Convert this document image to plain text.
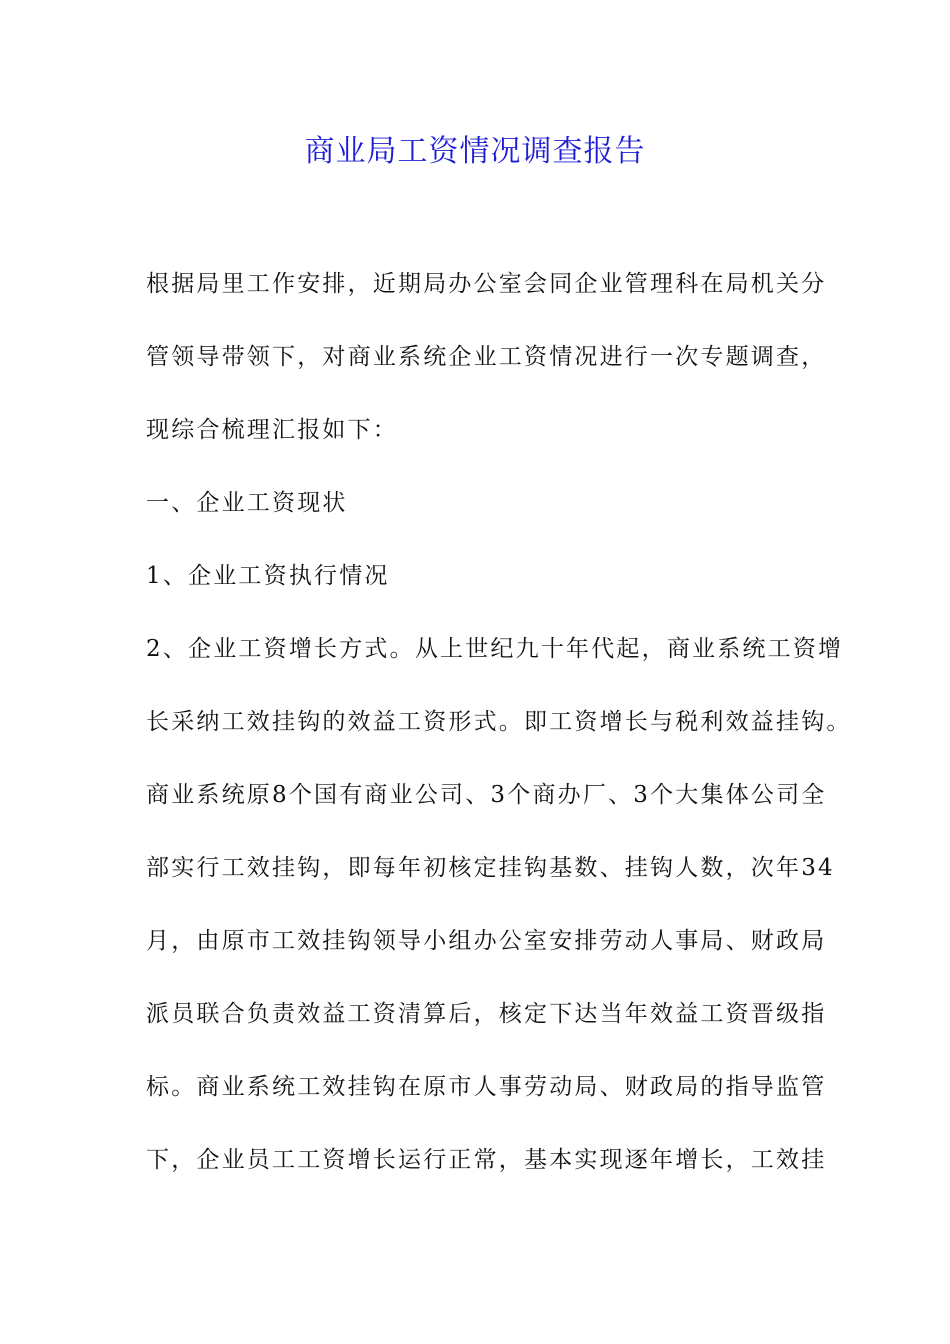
商业局工资情况调查报告
根据局里工作安排，近期局办公室会同企业管理科在局机关分
管领导带领下，对商业系统企业工资情况进行一次专题调查，
现综合梳理汇报如下：
一、企业工资现状
1、企业工资执行情况
2、企业工资增长方式。从上世纪九十年代起，商业系统工资增
长采纳工效挂钩的效益工资形式。即工资增长与税利效益挂钩。
商业系统原8个国有商业公司、3个商办厂、3个大集体公司全
部实行工效挂钩，即每年初核定挂钩基数、挂钩人数，次年34
月，由原市工效挂钩领导小组办公室安排劳动人事局、财政局
派员联合负责效益工资清算后，核定下达当年效益工资晋级指
标。商业系统工效挂钩在原市人事劳动局、财政局的指导监管
下，企业员工工资增长运行正常，基本实现逐年增长，工效挂
